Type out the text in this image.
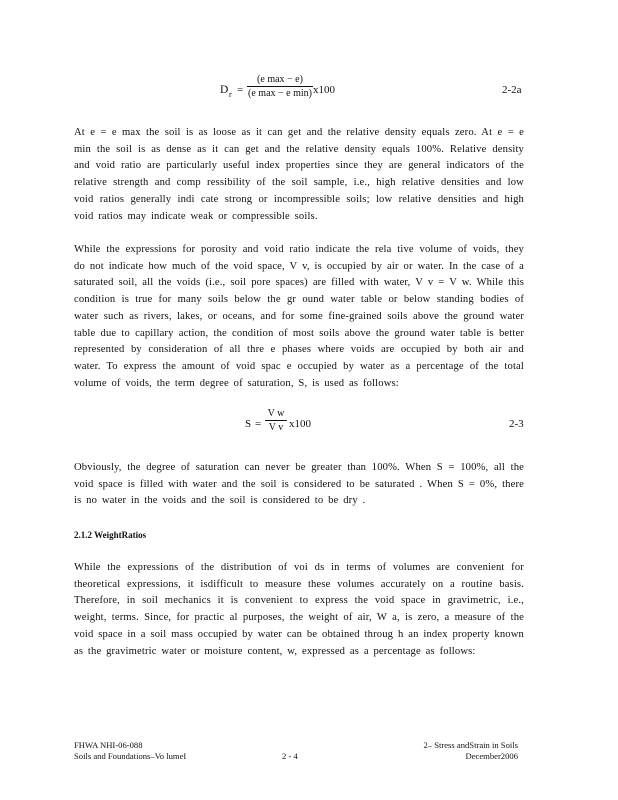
D r =
(e max − e)
(e max − e min) x100	2-2a
At e = e max the soil is as loose as it can get and the relative density equals zero. At e = e min the soil is as dense as it can get and the relative density equals 100%. Relative density and void ratio are particularly useful index properties since they are general indicators of the relative strength and comp ressibility of the soil sample, i.e., high relative densities and low void ratios generally indi cate strong or incompressible soils; low relative densities and high void ratios may indicate weak or compressible soils.
While the expressions for porosity and void ratio indicate the rela tive volume of voids, they do not indicate how much of the void space, V v, is occupied by air or water. In the case of a saturated soil, all the voids (i.e., soil pore spaces) are filled with water, V v = V w. While this condition is true for many soils below the gr ound water table or below standing bodies of water such as rivers, lakes, or oceans, and for some fine-grained soils above the ground water table due to capillary action, the condition of most soils above the ground water table is better represented by consideration of all thre e phases where voids are occupied by both air and water. To express the amount of void spac e occupied by water as a percentage of the total volume of voids, the term degree of saturation, S, is used as follows:
$S = \frac{\text{V w}}{\text{V v}} x100$	2-3
Obviously, the degree of saturation can never be greater than 100%. When S = 100%, all the void space is filled with water and the soil is considered to be saturated . When S = 0%, there is no water in the voids and the soil is considered to be dry .
2.1.2 WeightRatios
While the expressions of the distribution of voi ds in terms of volumes are convenient for theoretical expressions, it isdifficult to measure these volumes accurately on a routine basis. Therefore, in soil mechanics it is convenient to express the void space in gravimetric, i.e., weight, terms. Since, for practic al purposes, the weight of air, W a, is zero, a measure of the void space in a soil mass occupied by water can be obtained throug h an index property known as the gravimetric water or moisture content, w, expressed as a percentage as follows:
FHWA NHI-06-088
Soils and Foundations–Vo lumeI	2 - 4
2– Stress andStrain in Soils
December2006
